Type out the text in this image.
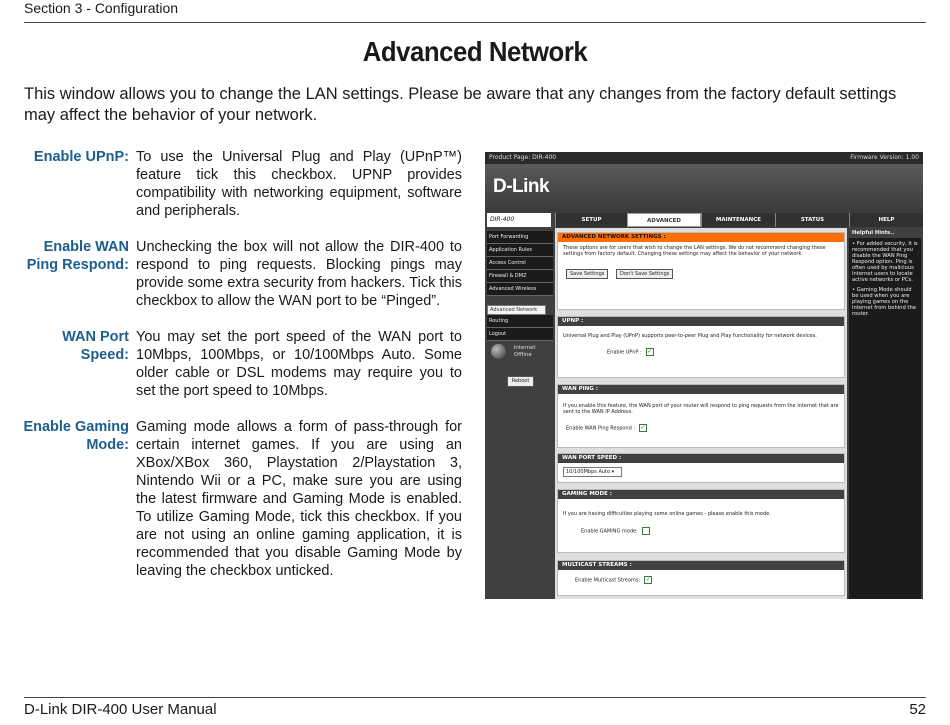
Section 3 - Configuration
Advanced Network
This window allows you to change the LAN settings. Please be aware that any changes from the factory default settings may affect the behavior of your network.
Enable UPnP: To use the Universal Plug and Play (UPnP™) feature tick this checkbox. UPNP provides compatibility with networking equipment, software and peripherals.
Enable WAN Ping Respond:
Unchecking the box will not allow the DIR-400 to respond to ping requests. Blocking pings may provide some extra security from hackers. Tick this checkbox to allow the WAN port to be “Pinged”.
WAN Port Speed:
You may set the port speed of the WAN port to 10Mbps, 100Mbps, or 10/100Mbps Auto. Some older cable or DSL modems may require you to set the port speed to 10Mbps.
Enable Gaming Mode:
Gaming mode allows a form of pass-through for certain internet games. If you are using an XBox/XBox 360, Playstation 2/Playstation 3, Nintendo Wii or a PC, make sure you are using the latest firmware and Gaming Mode is enabled. To utilize Gaming Mode, tick this checkbox. If you are not using an online gaming application, it is recommended that you disable Gaming Mode by leaving the checkbox unticked.
Product Page: DIR-400	Firmware Version: 1.00
D-Link
DIR-400	SETUP	ADVANCED	MAINTENANCE	STATUS	HELP
Port Forwarding
Application Rules
Access Control
Firewall & DMZ
Advanced Wireless
Advanced Network
Routing
Logout
Internet
Offline
Reboot
ADVANCED NETWORK SETTINGS :
These options are for users that wish to change the LAN settings. We do not recommend changing these settings from factory default. Changing these settings may affect the behavior of your network.
Save Settings	Don't Save Settings
UPNP :
Universal Plug and Play (UPnP) supports peer-to-peer Plug and Play functionality for network devices.
Enable UPnP : ✓
WAN PING :
If you enable this feature, the WAN port of your router will respond to ping requests from the Internet that are sent to the WAN IP Address.
Enable WAN Ping Respond : ✓
WAN PORT SPEED :
10/100Mbps Auto ▾
GAMING MODE :
If you are having difficulties playing some online games - please enable this mode.
Enable GAMING mode:
MULTICAST STREAMS :
Enable Multicast Streams: ✓
Helpful Hints..

• For added security, it is recommended that you disable the WAN Ping Respond option. Ping is often used by malicious Internet users to locate active networks or PCs.

• Gaming Mode should be used when you are playing games on the Internet from behind the router.

D-Link DIR-400 User Manual	52
